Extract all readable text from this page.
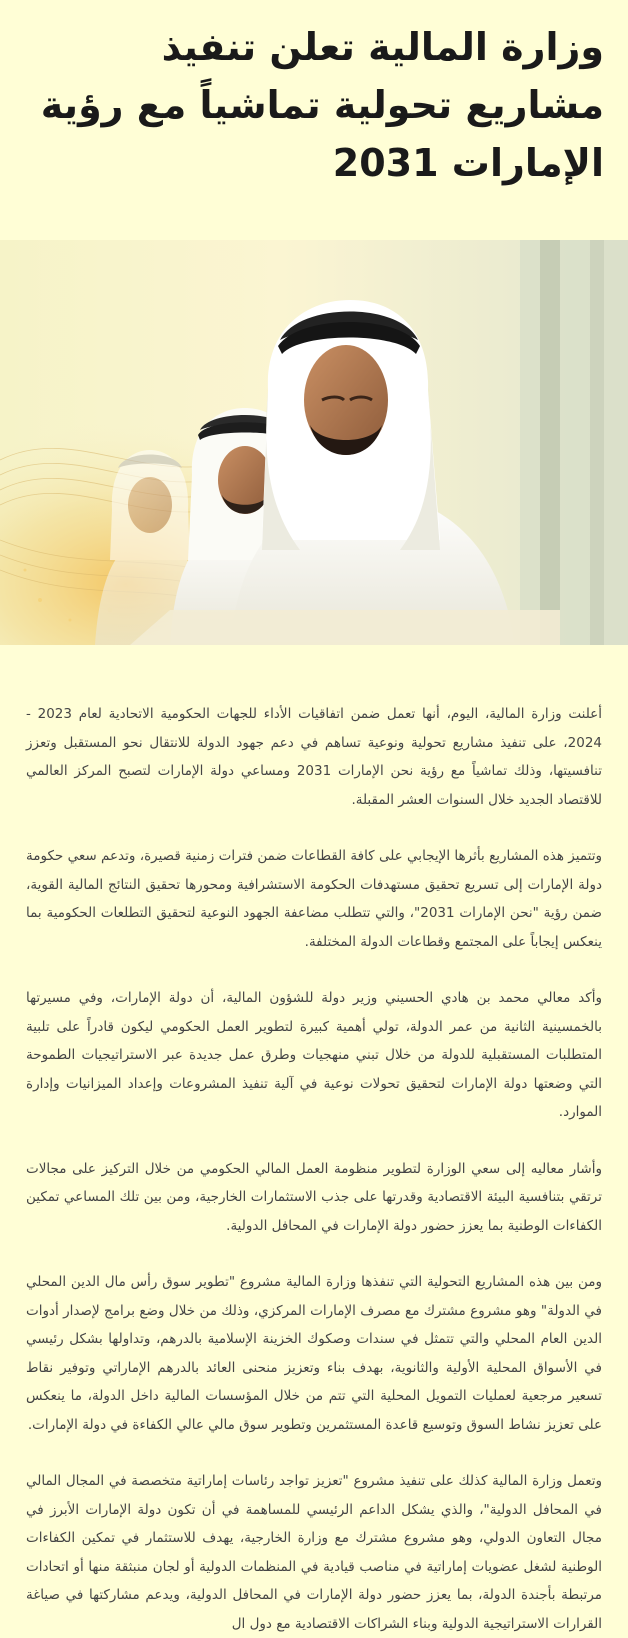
وزارة المالية تعلن تنفيذ مشاريع تحولية تماشياً مع رؤية الإمارات 2031

أعلنت وزارة المالية، اليوم، أنها تعمل ضمن اتفاقيات الأداء للجهات الحكومية الاتحادية لعام 2023 - 2024، على تنفيذ مشاريع تحولية ونوعية تساهم في دعم جهود الدولة للانتقال نحو المستقبل وتعزز تنافسيتها، وذلك تماشياً مع رؤية نحن الإمارات 2031 ومساعي دولة الإمارات لتصبح المركز العالمي للاقتصاد الجديد خلال السنوات العشر المقبلة.

وتتميز هذه المشاريع بأثرها الإيجابي على كافة القطاعات ضمن فترات زمنية قصيرة، وتدعم سعي حكومة دولة الإمارات إلى تسريع تحقيق مستهدفات الحكومة الاستشرافية ومحورها تحقيق النتائج المالية القوية، ضمن رؤية "نحن الإمارات 2031"، والتي تتطلب مضاعفة الجهود النوعية لتحقيق التطلعات الحكومية بما ينعكس إيجاباً على المجتمع وقطاعات الدولة المختلفة.

وأكد معالي محمد بن هادي الحسيني وزير دولة للشؤون المالية، أن دولة الإمارات، وفي مسيرتها بالخمسينية الثانية من عمر الدولة، تولي أهمية كبيرة لتطوير العمل الحكومي ليكون قادراً على تلبية المتطلبات المستقبلية للدولة من خلال تبني منهجيات وطرق عمل جديدة عبر الاستراتيجيات الطموحة التي وضعتها دولة الإمارات لتحقيق تحولات نوعية في آلية تنفيذ المشروعات وإعداد الميزانيات وإدارة الموارد.

وأشار معاليه إلى سعي الوزارة لتطوير منظومة العمل المالي الحكومي من خلال التركيز على مجالات ترتقي بتنافسية البيئة الاقتصادية وقدرتها على جذب الاستثمارات الخارجية، ومن بين تلك المساعي تمكين الكفاءات الوطنية بما يعزز حضور دولة الإمارات في المحافل الدولية.

ومن بين هذه المشاريع التحولية التي تنفذها وزارة المالية مشروع "تطوير سوق رأس مال الدين المحلي في الدولة" وهو مشروع مشترك مع مصرف الإمارات المركزي، وذلك من خلال وضع برامج لإصدار أدوات الدين العام المحلي والتي تتمثل في سندات وصكوك الخزينة الإسلامية بالدرهم، وتداولها بشكل رئيسي في الأسواق المحلية الأولية والثانوية، بهدف بناء وتعزيز منحنى العائد بالدرهم الإماراتي وتوفير نقاط تسعير مرجعية لعمليات التمويل المحلية التي تتم من خلال المؤسسات المالية داخل الدولة، ما ينعكس على تعزيز نشاط السوق وتوسيع قاعدة المستثمرين وتطوير سوق مالي عالي الكفاءة في دولة الإمارات.

وتعمل وزارة المالية كذلك على تنفيذ مشروع "تعزيز تواجد رئاسات إماراتية متخصصة في المجال المالي في المحافل الدولية"، والذي يشكل الداعم الرئيسي للمساهمة في أن تكون دولة الإمارات الأبرز في مجال التعاون الدولي، وهو مشروع مشترك مع وزارة الخارجية، يهدف للاستثمار في تمكين الكفاءات الوطنية لشغل عضويات إماراتية في مناصب قيادية في المنظمات الدولية أو لجان منبثقة منها أو اتحادات مرتبطة بأجندة الدولة، بما يعزز حضور دولة الإمارات في المحافل الدولية، ويدعم مشاركتها في صياغة القرارات الاستراتيجية الدولية وبناء الشراكات الاقتصادية مع دول ال
